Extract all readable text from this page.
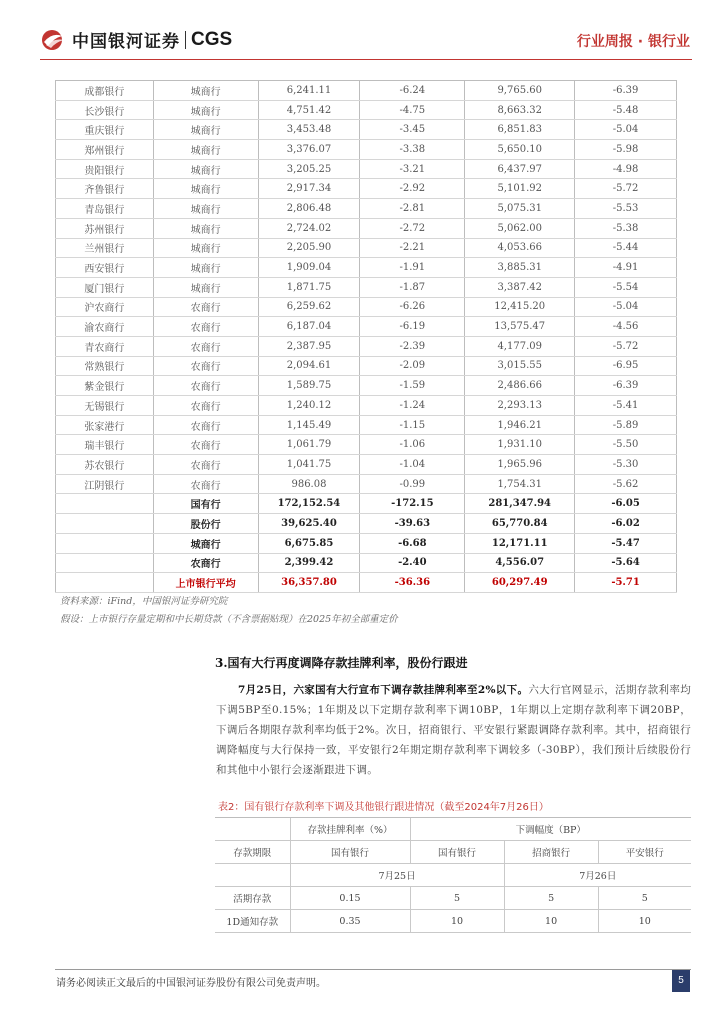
中国银河证券 CGS	行业周报 · 银行业
成都银行	城商行	6,241.11	-6.24	9,765.60	-6.39
长沙银行	城商行	4,751.42	-4.75	8,663.32	-5.48
重庆银行	城商行	3,453.48	-3.45	6,851.83	-5.04
郑州银行	城商行	3,376.07	-3.38	5,650.10	-5.98
贵阳银行	城商行	3,205.25	-3.21	6,437.97	-4.98
齐鲁银行	城商行	2,917.34	-2.92	5,101.92	-5.72
青岛银行	城商行	2,806.48	-2.81	5,075.31	-5.53
苏州银行	城商行	2,724.02	-2.72	5,062.00	-5.38
兰州银行	城商行	2,205.90	-2.21	4,053.66	-5.44
西安银行	城商行	1,909.04	-1.91	3,885.31	-4.91
厦门银行	城商行	1,871.75	-1.87	3,387.42	-5.54
沪农商行	农商行	6,259.62	-6.26	12,415.20	-5.04
渝农商行	农商行	6,187.04	-6.19	13,575.47	-4.56
青农商行	农商行	2,387.95	-2.39	4,177.09	-5.72
常熟银行	农商行	2,094.61	-2.09	3,015.55	-6.95
紫金银行	农商行	1,589.75	-1.59	2,486.66	-6.39
无锡银行	农商行	1,240.12	-1.24	2,293.13	-5.41
张家港行	农商行	1,145.49	-1.15	1,946.21	-5.89
瑞丰银行	农商行	1,061.79	-1.06	1,931.10	-5.50
苏农银行	农商行	1,041.75	-1.04	1,965.96	-5.30
江阴银行	农商行	986.08	-0.99	1,754.31	-5.62
	国有行	172,152.54	-172.15	281,347.94	-6.05
	股份行	39,625.40	-39.63	65,770.84	-6.02
	城商行	6,675.85	-6.68	12,171.11	-5.47
	农商行	2,399.42	-2.40	4,556.07	-5.64
	上市银行平均	36,357.80	-36.36	60,297.49	-5.71
资料来源：iFind，中国银河证券研究院
假设：上市银行存量定期和中长期贷款（不含票据贴现）在2025年初全部重定价
3.国有大行再度调降存款挂牌利率，股份行跟进
7月25日，六家国有大行宣布下调存款挂牌利率至2%以下。六大行官网显示，活期存款利率均下调5BP至0.15%；1年期及以下定期存款利率下调10BP，1年期以上定期存款利率下调20BP，下调后各期限存款利率均低于2%。次日，招商银行、平安银行紧跟调降存款利率。其中，招商银行调降幅度与大行保持一致，平安银行2年期定期存款利率下调较多（-30BP），我们预计后续股份行和其他中小银行会逐渐跟进下调。
表2：国有银行存款利率下调及其他银行跟进情况（截至2024年7月26日）
	存款挂牌利率（%）	下调幅度（BP）		
存款期限	国有银行	国有银行	招商银行	平安银行
	7月25日		7月26日	
活期存款	0.15	5	5	5
1D通知存款	0.35	10	10	10
请务必阅读正文最后的中国银河证券股份有限公司免责声明。	5
